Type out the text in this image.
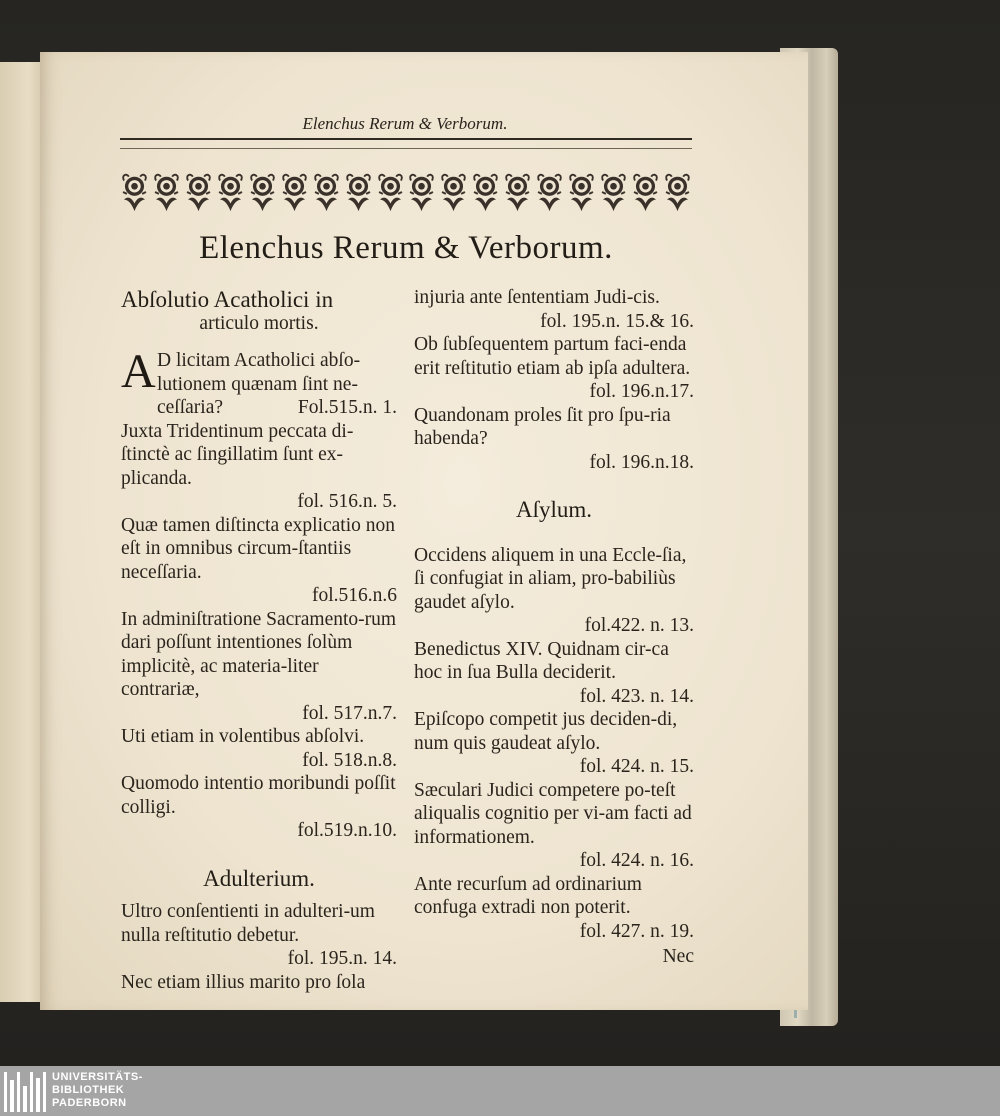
Elenchus Rerum & Verborum.
Elenchus Rerum & Verborum.
Abſolutio Acatholici in
articulo mortis.
A D licitam Acatholici abſo-lutionem quænam ſint ne-ceſſaria?	Fol.515.n. 1.
Juxta Tridentinum peccata di-ſtinctè ac ſingillatim ſunt ex-plicanda.
fol. 516.n. 5.
Quæ tamen diſtincta explicatio non eſt in omnibus circum-ſtantiis neceſſaria.
fol.516.n.6
In adminiſtratione Sacramento-rum dari poſſunt intentiones ſolùm implicitè, ac materia-liter contrariæ,
fol. 517.n.7.
Uti etiam in volentibus abſolvi.
fol. 518.n.8.
Quomodo intentio moribundi poſſit colligi.
fol.519.n.10.
Adulterium.
Ultro conſentienti in adulteri-um nulla reſtitutio debetur.
fol. 195.n. 14.
Nec etiam illius marito pro ſola
injuria ante ſententiam Judi-cis.
fol. 195.n. 15.& 16.
Ob ſubſequentem partum faci-enda erit reſtitutio etiam ab ipſa adultera.
fol. 196.n.17.
Quandonam proles ſit pro ſpu-ria habenda?
fol. 196.n.18.
Aſylum.
Occidens aliquem in una Eccle-ſia, ſi confugiat in aliam, pro-babiliùs gaudet aſylo.
fol.422. n. 13.
Benedictus XIV. Quidnam cir-ca hoc in ſua Bulla deciderit.
fol. 423. n. 14.
Epiſcopo competit jus deciden-di, num quis gaudeat aſylo.
fol. 424. n. 15.
Sæculari Judici competere po-teſt aliqualis cognitio per vi-am facti ad informationem.
fol. 424. n. 16.
Ante recurſum ad ordinarium confuga extradi non poterit.
fol. 427. n. 19.
Nec
UNIVERSITÄTS-
BIBLIOTHEK
PADERBORN
